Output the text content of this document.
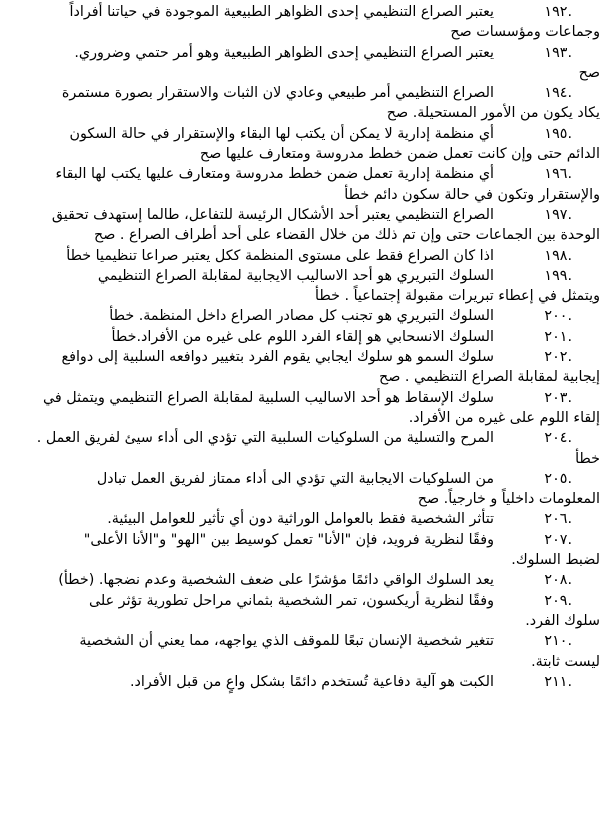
١٩٢.
يعتبر الصراع التنظيمي إحدى الظواهر الطبيعية الموجودة في حياتنا أفراداً
وجماعات ومؤسسات صح
١٩٣.
يعتبر الصراع التنظيمي إحدى الظواهر الطبيعية وهو أمر حتمي وضروري.
صح
١٩٤.
الصراع التنظيمي أمر طبيعي وعادي لان الثبات والاستقرار بصورة مستمرة
يكاد يكون من الأمور المستحيلة. صح
١٩٥.
أي منظمة إدارية لا يمكن أن يكتب لها البقاء والإستقرار في حالة السكون
الدائم حتى وإن كانت تعمل ضمن خطط مدروسة ومتعارف عليها صح
١٩٦.
أي منظمة إدارية تعمل ضمن خطط مدروسة ومتعارف عليها يكتب لها البقاء
والإستقرار وتكون في حالة سكون دائم خطأ
١٩٧.
الصراع التنظيمي يعتبر أحد الأشكال الرئيسة للتفاعل، طالما إستهدف تحقيق
الوحدة بين الجماعات حتى وإن تم ذلك من خلال القضاء على أحد أطراف الصراع . صح
١٩٨.
اذا كان الصراع فقط على مستوى المنظمة ككل يعتبر صراعا تنظيميا خطأ
١٩٩.
السلوك التبريري هو أحد الاساليب الايجابية لمقابلة الصراع التنظيمي
ويتمثل في إعطاء تبريرات مقبولة إجتماعياً . خطأ
٢٠٠.
السلوك التبريري هو تجنب كل مصادر الصراع داخل المنظمة. خطأ
٢٠١.
السلوك الانسحابي هو إلقاء الفرد اللوم على غيره من الأفراد.خطأ
٢٠٢.
سلوك السمو هو سلوك ايجابي يقوم الفرد بتغيير دوافعه السلبية إلى دوافع
إيجابية لمقابلة الصراع التنظيمي . صح
٢٠٣.
سلوك الإسقاط هو أحد الاساليب السلبية لمقابلة الصراع التنظيمي ويتمثل في
إلقاء اللوم على غيره من الأفراد.
٢٠٤.
المرح والتسلية من السلوكيات السلبية التي تؤدي الى أداء سيئ لفريق العمل .
خطأ
٢٠٥.
من السلوكيات الايجابية التي تؤدي الى أداء ممتاز لفريق العمل تبادل
المعلومات داخلياً و خارجياً. صح
٢٠٦.
تتأثر الشخصية فقط بالعوامل الوراثية دون أي تأثير للعوامل البيئية.
٢٠٧.
وفقًا لنظرية فرويد، فإن "الأنا" تعمل كوسيط بين "الهو" و"الأنا الأعلى"
لضبط السلوك.
٢٠٨.
يعد السلوك الواقي دائمًا مؤشرًا على ضعف الشخصية وعدم نضجها. (خطأ)
٢٠٩.
وفقًا لنظرية أريكسون، تمر الشخصية بثماني مراحل تطورية تؤثر على
سلوك الفرد.
٢١٠.
تتغير شخصية الإنسان تبعًا للموقف الذي يواجهه، مما يعني أن الشخصية
ليست ثابتة.
٢١١.
الكبت هو آلية دفاعية تُستخدم دائمًا بشكل واعٍ من قبل الأفراد.
